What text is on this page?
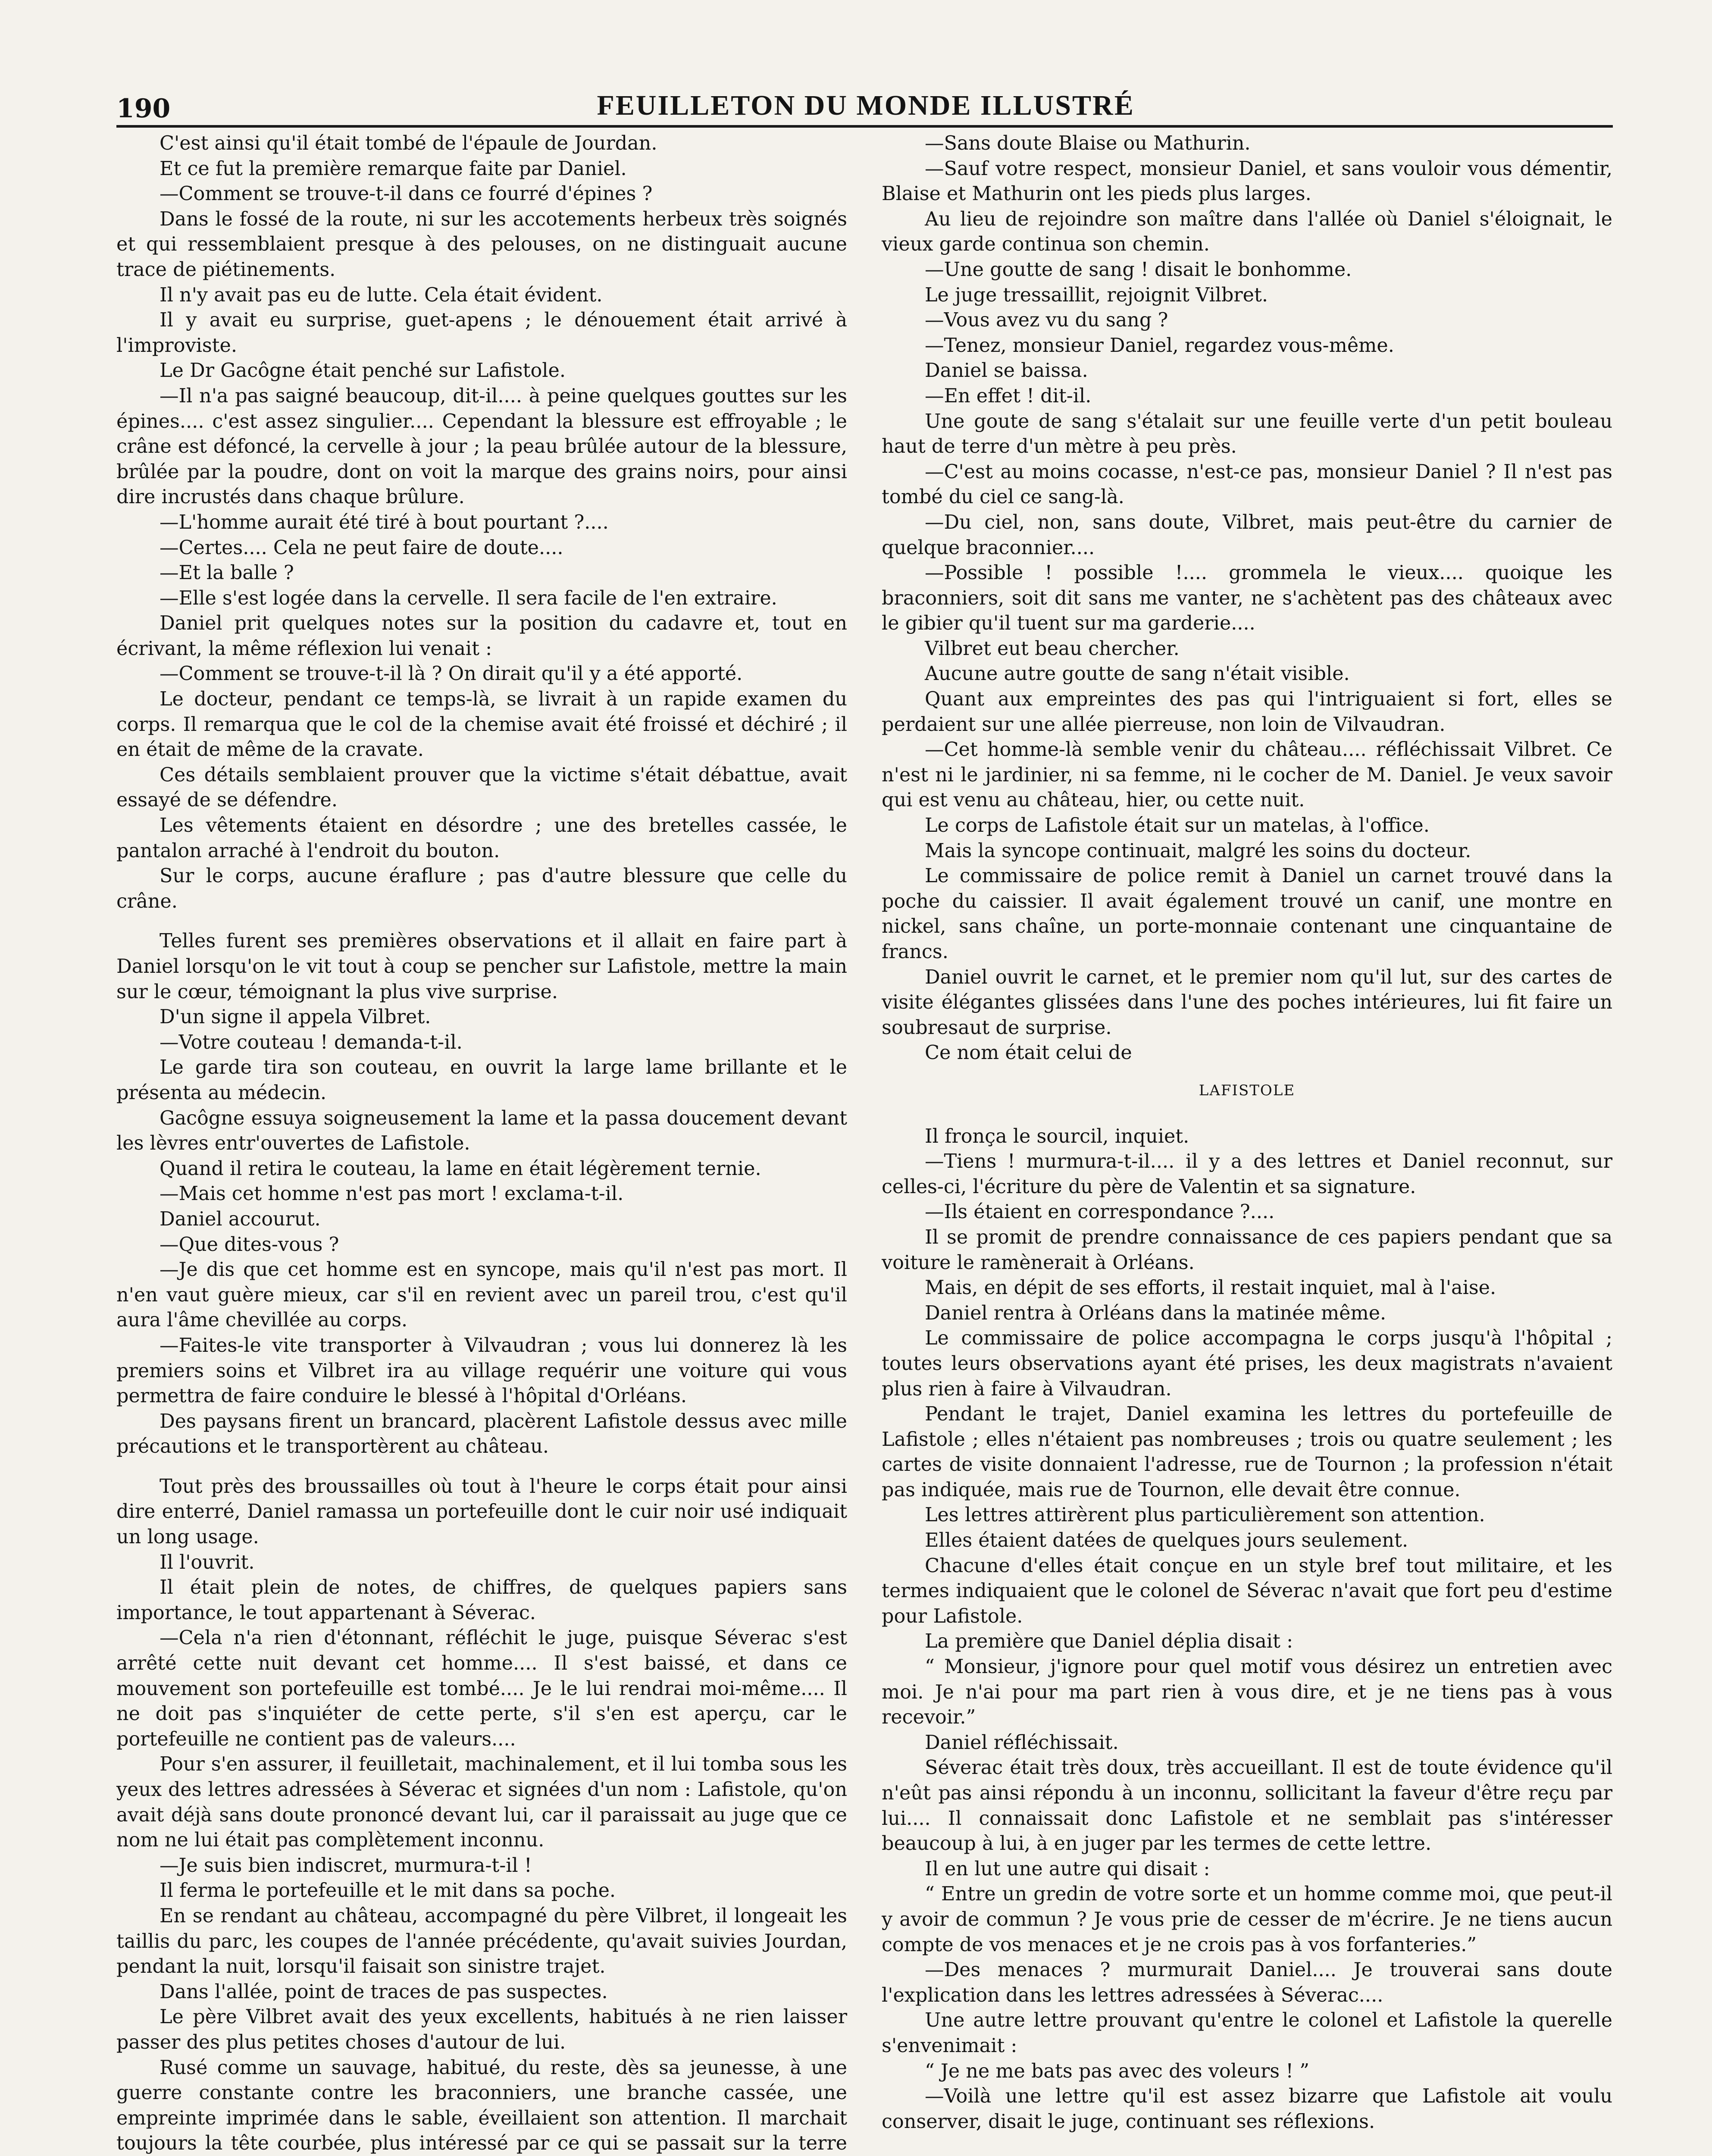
190	FEUILLETON DU MONDE ILLUSTRÉ

C'est ainsi qu'il était tombé de l'épaule de Jourdan.

Et ce fut la première remarque faite par Daniel.

—Comment se trouve-t-il dans ce fourré d'épines ?

Dans le fossé de la route, ni sur les accotements herbeux très soignés et qui ressemblaient presque à des pelouses, on ne distinguait aucune trace de piétinements.

Il n'y avait pas eu de lutte. Cela était évident.

Il y avait eu surprise, guet-apens ; le dénouement était arrivé à l'improviste.

Le Dr Gacôgne était penché sur Lafistole.

—Il n'a pas saigné beaucoup, dit-il.... à peine quelques gouttes sur les épines.... c'est assez singulier.... Cependant la blessure est effroyable ; le crâne est défoncé, la cervelle à jour ; la peau brûlée autour de la blessure, brûlée par la poudre, dont on voit la marque des grains noirs, pour ainsi dire incrustés dans chaque brûlure.

—L'homme aurait été tiré à bout pourtant ?....

—Certes.... Cela ne peut faire de doute....

—Et la balle ?

—Elle s'est logée dans la cervelle. Il sera facile de l'en extraire.

Daniel prit quelques notes sur la position du cadavre et, tout en écrivant, la même réflexion lui venait :

—Comment se trouve-t-il là ? On dirait qu'il y a été apporté.

Le docteur, pendant ce temps-là, se livrait à un rapide examen du corps. Il remarqua que le col de la chemise avait été froissé et déchiré ; il en était de même de la cravate.

Ces détails semblaient prouver que la victime s'était débattue, avait essayé de se défendre.

Les vêtements étaient en désordre ; une des bretelles cassée, le pantalon arraché à l'endroit du bouton.

Sur le corps, aucune éraflure ; pas d'autre blessure que celle du crâne.

Telles furent ses premières observations et il allait en faire part à Daniel lorsqu'on le vit tout à coup se pencher sur Lafistole, mettre la main sur le cœur, témoignant la plus vive surprise.

D'un signe il appela Vilbret.

—Votre couteau ! demanda-t-il.

Le garde tira son couteau, en ouvrit la large lame brillante et le présenta au médecin.

Gacôgne essuya soigneusement la lame et la passa doucement devant les lèvres entr'ouvertes de Lafistole.

Quand il retira le couteau, la lame en était légèrement ternie.

—Mais cet homme n'est pas mort ! exclama-t-il.

Daniel accourut.

—Que dites-vous ?

—Je dis que cet homme est en syncope, mais qu'il n'est pas mort. Il n'en vaut guère mieux, car s'il en revient avec un pareil trou, c'est qu'il aura l'âme chevillée au corps.

—Faites-le vite transporter à Vilvaudran ; vous lui donnerez là les premiers soins et Vilbret ira au village requérir une voiture qui vous permettra de faire conduire le blessé à l'hôpital d'Orléans.

Des paysans firent un brancard, placèrent Lafistole dessus avec mille précautions et le transportèrent au château.

Tout près des broussailles où tout à l'heure le corps était pour ainsi dire enterré, Daniel ramassa un portefeuille dont le cuir noir usé indiquait un long usage.

Il l'ouvrit.

Il était plein de notes, de chiffres, de quelques papiers sans importance, le tout appartenant à Séverac.

—Cela n'a rien d'étonnant, réfléchit le juge, puisque Séverac s'est arrêté cette nuit devant cet homme.... Il s'est baissé, et dans ce mouvement son portefeuille est tombé.... Je le lui rendrai moi-même.... Il ne doit pas s'inquiéter de cette perte, s'il s'en est aperçu, car le portefeuille ne contient pas de valeurs....

Pour s'en assurer, il feuilletait, machinalement, et il lui tomba sous les yeux des lettres adressées à Séverac et signées d'un nom : Lafistole, qu'on avait déjà sans doute prononcé devant lui, car il paraissait au juge que ce nom ne lui était pas complètement inconnu.

—Je suis bien indiscret, murmura-t-il !

Il ferma le portefeuille et le mit dans sa poche.

En se rendant au château, accompagné du père Vilbret, il longeait les taillis du parc, les coupes de l'année précédente, qu'avait suivies Jourdan, pendant la nuit, lorsqu'il faisait son sinistre trajet.

Dans l'allée, point de traces de pas suspectes.

Le père Vilbret avait des yeux excellents, habitués à ne rien laisser passer des plus petites choses d'autour de lui.

Rusé comme un sauvage, habitué, du reste, dès sa jeunesse, à une guerre constante contre les braconniers, une branche cassée, une empreinte imprimée dans le sable, éveillaient son attention. Il marchait toujours la tête courbée, plus intéressé par ce qui se passait sur la terre

—Sans doute Blaise ou Mathurin.

—Sauf votre respect, monsieur Daniel, et sans vouloir vous démentir, Blaise et Mathurin ont les pieds plus larges.

Au lieu de rejoindre son maître dans l'allée où Daniel s'éloignait, le vieux garde continua son chemin.

—Une goutte de sang ! disait le bonhomme.

Le juge tressaillit, rejoignit Vilbret.

—Vous avez vu du sang ?

—Tenez, monsieur Daniel, regardez vous-même.

Daniel se baissa.

—En effet ! dit-il.

Une goute de sang s'étalait sur une feuille verte d'un petit bouleau haut de terre d'un mètre à peu près.

—C'est au moins cocasse, n'est-ce pas, monsieur Daniel ? Il n'est pas tombé du ciel ce sang-là.

—Du ciel, non, sans doute, Vilbret, mais peut-être du carnier de quelque braconnier....

—Possible ! possible !.... grommela le vieux.... quoique les braconniers, soit dit sans me vanter, ne s'achètent pas des châteaux avec le gibier qu'il tuent sur ma garderie....

Vilbret eut beau chercher.

Aucune autre goutte de sang n'était visible.

Quant aux empreintes des pas qui l'intriguaient si fort, elles se perdaient sur une allée pierreuse, non loin de Vilvaudran.

—Cet homme-là semble venir du château.... réfléchissait Vilbret. Ce n'est ni le jardinier, ni sa femme, ni le cocher de M. Daniel. Je veux savoir qui est venu au château, hier, ou cette nuit.

Le corps de Lafistole était sur un matelas, à l'office.

Mais la syncope continuait, malgré les soins du docteur.

Le commissaire de police remit à Daniel un carnet trouvé dans la poche du caissier. Il avait également trouvé un canif, une montre en nickel, sans chaîne, un porte-monnaie contenant une cinquantaine de francs.

Daniel ouvrit le carnet, et le premier nom qu'il lut, sur des cartes de visite élégantes glissées dans l'une des poches intérieures, lui fit faire un soubresaut de surprise.

Ce nom était celui de

LAFISTOLE

Il fronça le sourcil, inquiet.

—Tiens ! murmura-t-il.... il y a des lettres et Daniel reconnut, sur celles-ci, l'écriture du père de Valentin et sa signature.

—Ils étaient en correspondance ?....

Il se promit de prendre connaissance de ces papiers pendant que sa voiture le ramènerait à Orléans.

Mais, en dépit de ses efforts, il restait inquiet, mal à l'aise.

Daniel rentra à Orléans dans la matinée même.

Le commissaire de police accompagna le corps jusqu'à l'hôpital ; toutes leurs observations ayant été prises, les deux magistrats n'avaient plus rien à faire à Vilvaudran.

Pendant le trajet, Daniel examina les lettres du portefeuille de Lafistole ; elles n'étaient pas nombreuses ; trois ou quatre seulement ; les cartes de visite donnaient l'adresse, rue de Tournon ; la profession n'était pas indiquée, mais rue de Tournon, elle devait être connue.

Les lettres attirèrent plus particulièrement son attention.

Elles étaient datées de quelques jours seulement.

Chacune d'elles était conçue en un style bref tout militaire, et les termes indiquaient que le colonel de Séverac n'avait que fort peu d'estime pour Lafistole.

La première que Daniel déplia disait :

“ Monsieur, j'ignore pour quel motif vous désirez un entretien avec moi. Je n'ai pour ma part rien à vous dire, et je ne tiens pas à vous recevoir.”

Daniel réfléchissait.

Séverac était très doux, très accueillant. Il est de toute évidence qu'il n'eût pas ainsi répondu à un inconnu, sollicitant la faveur d'être reçu par lui.... Il connaissait donc Lafistole et ne semblait pas s'intéresser beaucoup à lui, à en juger par les termes de cette lettre.

Il en lut une autre qui disait :

“ Entre un gredin de votre sorte et un homme comme moi, que peut-il y avoir de commun ? Je vous prie de cesser de m'écrire. Je ne tiens aucun compte de vos menaces et je ne crois pas à vos forfanteries.”

—Des menaces ? murmurait Daniel.... Je trouverai sans doute l'explication dans les lettres adressées à Séverac....

Une autre lettre prouvant qu'entre le colonel et Lafistole la querelle s'envenimait :

“ Je ne me bats pas avec des voleurs ! ”

—Voilà une lettre qu'il est assez bizarre que Lafistole ait voulu conserver, disait le juge, continuant ses réflexions.
